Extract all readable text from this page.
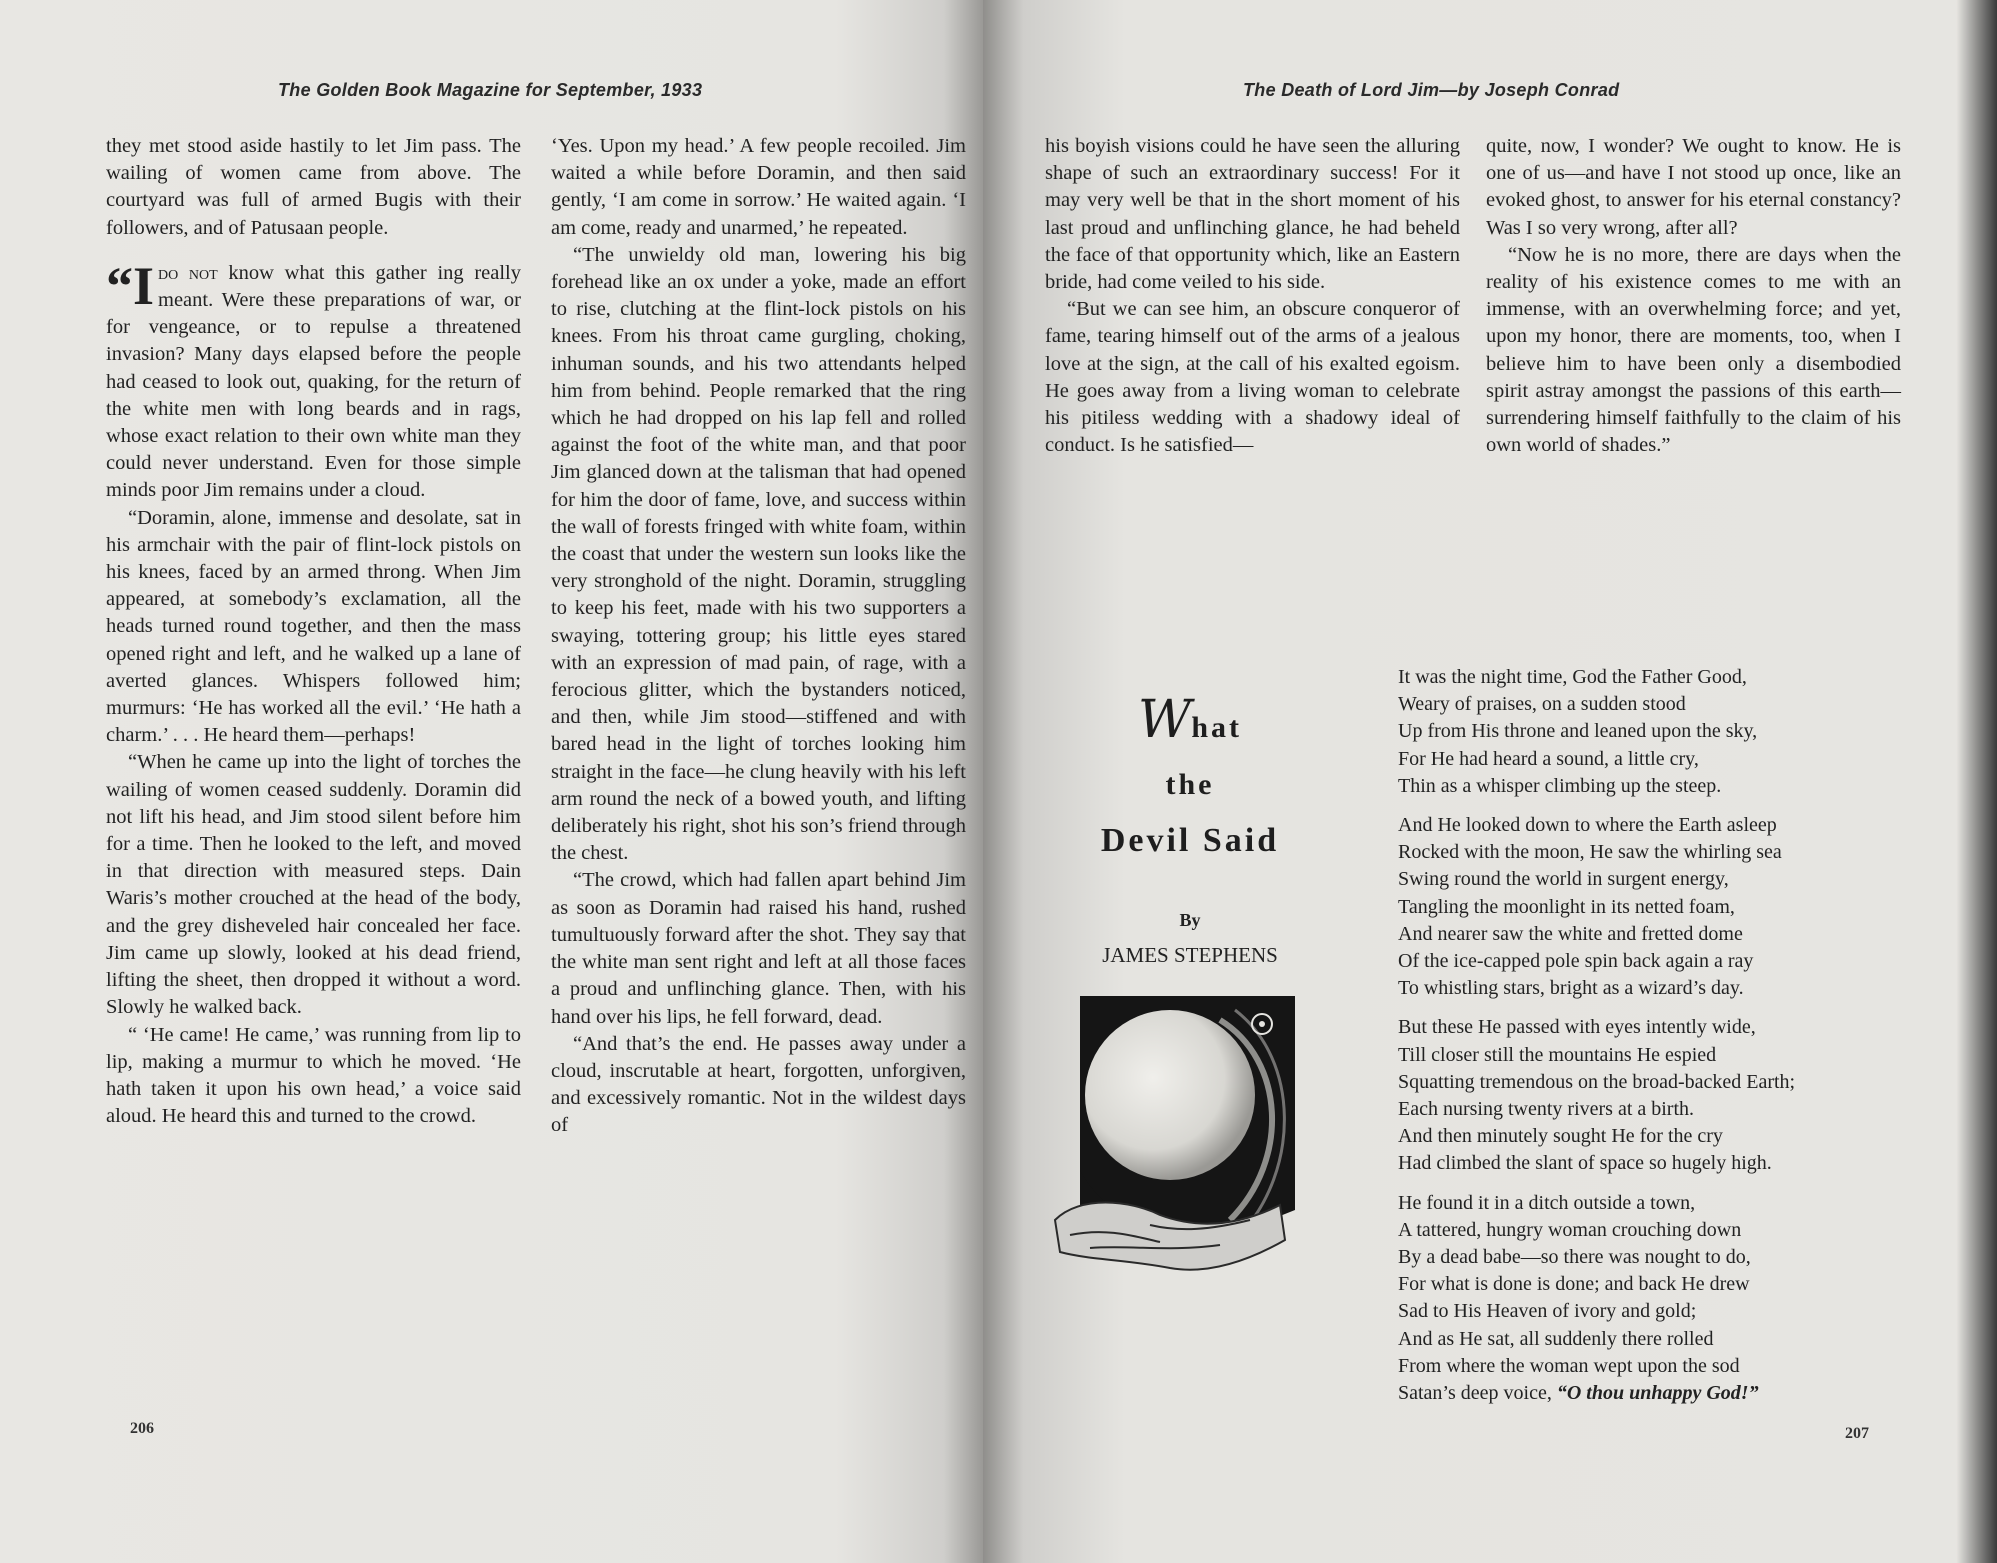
The Golden Book Magazine for September, 1933

they met stood aside hastily to let Jim pass. The wailing of women came from above. The courtyard was full of armed Bugis with their followers, and of Patusaan people.

“Ido not know what this gather ing really meant. Were these preparations of war, or for vengeance, or to repulse a threatened invasion? Many days elapsed before the people had ceased to look out, quaking, for the return of the white men with long beards and in rags, whose exact relation to their own white man they could never understand. Even for those simple minds poor Jim remains under a cloud.

“Doramin, alone, immense and desolate, sat in his armchair with the pair of flint-lock pistols on his knees, faced by an armed throng. When Jim appeared, at somebody’s exclamation, all the heads turned round together, and then the mass opened right and left, and he walked up a lane of averted glances. Whispers followed him; murmurs: ‘He has worked all the evil.’ ‘He hath a charm.’ . . . He heard them—perhaps!

“When he came up into the light of torches the wailing of women ceased suddenly. Doramin did not lift his head, and Jim stood silent before him for a time. Then he looked to the left, and moved in that direction with measured steps. Dain Waris’s mother crouched at the head of the body, and the grey disheveled hair concealed her face. Jim came up slowly, looked at his dead friend, lifting the sheet, then dropped it without a word. Slowly he walked back.

“ ‘He came! He came,’ was running from lip to lip, making a murmur to which he moved. ‘He hath taken it upon his own head,’ a voice said aloud. He heard this and turned to the crowd.

‘Yes. Upon my head.’ A few people recoiled. Jim waited a while before Doramin, and then said gently, ‘I am come in sorrow.’ He waited again. ‘I am come, ready and unarmed,’ he repeated.

“The unwieldy old man, lowering his big forehead like an ox under a yoke, made an effort to rise, clutching at the flint-lock pistols on his knees. From his throat came gurgling, choking, inhuman sounds, and his two attendants helped him from behind. People remarked that the ring which he had dropped on his lap fell and rolled against the foot of the white man, and that poor Jim glanced down at the talisman that had opened for him the door of fame, love, and success within the wall of forests fringed with white foam, within the coast that under the western sun looks like the very stronghold of the night. Doramin, struggling to keep his feet, made with his two supporters a swaying, tottering group; his little eyes stared with an expression of mad pain, of rage, with a ferocious glitter, which the bystanders noticed, and then, while Jim stood—stiffened and with bared head in the light of torches looking him straight in the face—he clung heavily with his left arm round the neck of a bowed youth, and lifting deliberately his right, shot his son’s friend through the chest.

“The crowd, which had fallen apart behind Jim as soon as Doramin had raised his hand, rushed tumultuously forward after the shot. They say that the white man sent right and left at all those faces a proud and unflinching glance. Then, with his hand over his lips, he fell forward, dead.

“And that’s the end. He passes away under a cloud, inscrutable at heart, forgotten, unforgiven, and excessively romantic. Not in the wildest days of

206
The Death of Lord Jim—by Joseph Conrad

his boyish visions could he have seen the alluring shape of such an extraordinary success! For it may very well be that in the short moment of his last proud and unflinching glance, he had beheld the face of that opportunity which, like an Eastern bride, had come veiled to his side.

“But we can see him, an obscure conqueror of fame, tearing himself out of the arms of a jealous love at the sign, at the call of his exalted egoism. He goes away from a living woman to celebrate his pitiless wedding with a shadowy ideal of conduct. Is he satisfied—

quite, now, I wonder? We ought to know. He is one of us—and have I not stood up once, like an evoked ghost, to answer for his eternal constancy? Was I so very wrong, after all?

“Now he is no more, there are days when the reality of his existence comes to me with an immense, with an overwhelming force; and yet, upon my honor, there are moments, too, when I believe him to have been only a disembodied spirit astray amongst the passions of this earth—surrendering himself faithfully to the claim of his own world of shades.”

What
the
Devil Said
By
JAMES STEPHENS
It was the night time, God the Father Good,
Weary of praises, on a sudden stood
Up from His throne and leaned upon the sky,
For He had heard a sound, a little cry,
Thin as a whisper climbing up the steep.
And He looked down to where the Earth asleep
Rocked with the moon, He saw the whirling sea
Swing round the world in surgent energy,
Tangling the moonlight in its netted foam,
And nearer saw the white and fretted dome
Of the ice-capped pole spin back again a ray
To whistling stars, bright as a wizard’s day.
But these He passed with eyes intently wide,
Till closer still the mountains He espied
Squatting tremendous on the broad-backed Earth;
Each nursing twenty rivers at a birth.
And then minutely sought He for the cry
Had climbed the slant of space so hugely high.
He found it in a ditch outside a town,
A tattered, hungry woman crouching down
By a dead babe—so there was nought to do,
For what is done is done; and back He drew
Sad to His Heaven of ivory and gold;
And as He sat, all suddenly there rolled
From where the woman wept upon the sod
Satan’s deep voice, “O thou unhappy God!”
207
